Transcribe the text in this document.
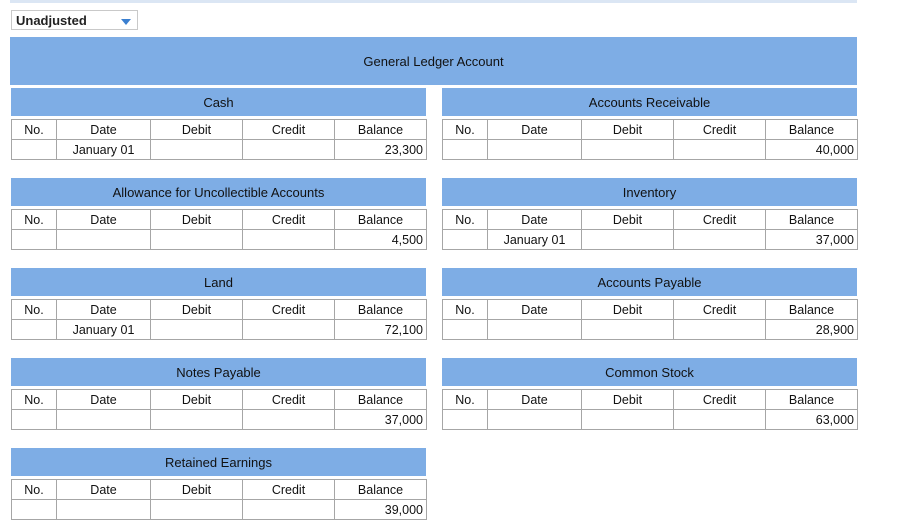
Unadjusted
General Ledger Account
Cash
No.	Date	Debit	Credit	Balance
	January 01			23,300
Accounts Receivable
No.	Date	Debit	Credit	Balance
				40,000
Allowance for Uncollectible Accounts
No.	Date	Debit	Credit	Balance
				4,500
Inventory
No.	Date	Debit	Credit	Balance
	January 01			37,000
Land
No.	Date	Debit	Credit	Balance
	January 01			72,100
Accounts Payable
No.	Date	Debit	Credit	Balance
				28,900
Notes Payable
No.	Date	Debit	Credit	Balance
				37,000
Common Stock
No.	Date	Debit	Credit	Balance
				63,000
Retained Earnings
No.	Date	Debit	Credit	Balance
				39,000
